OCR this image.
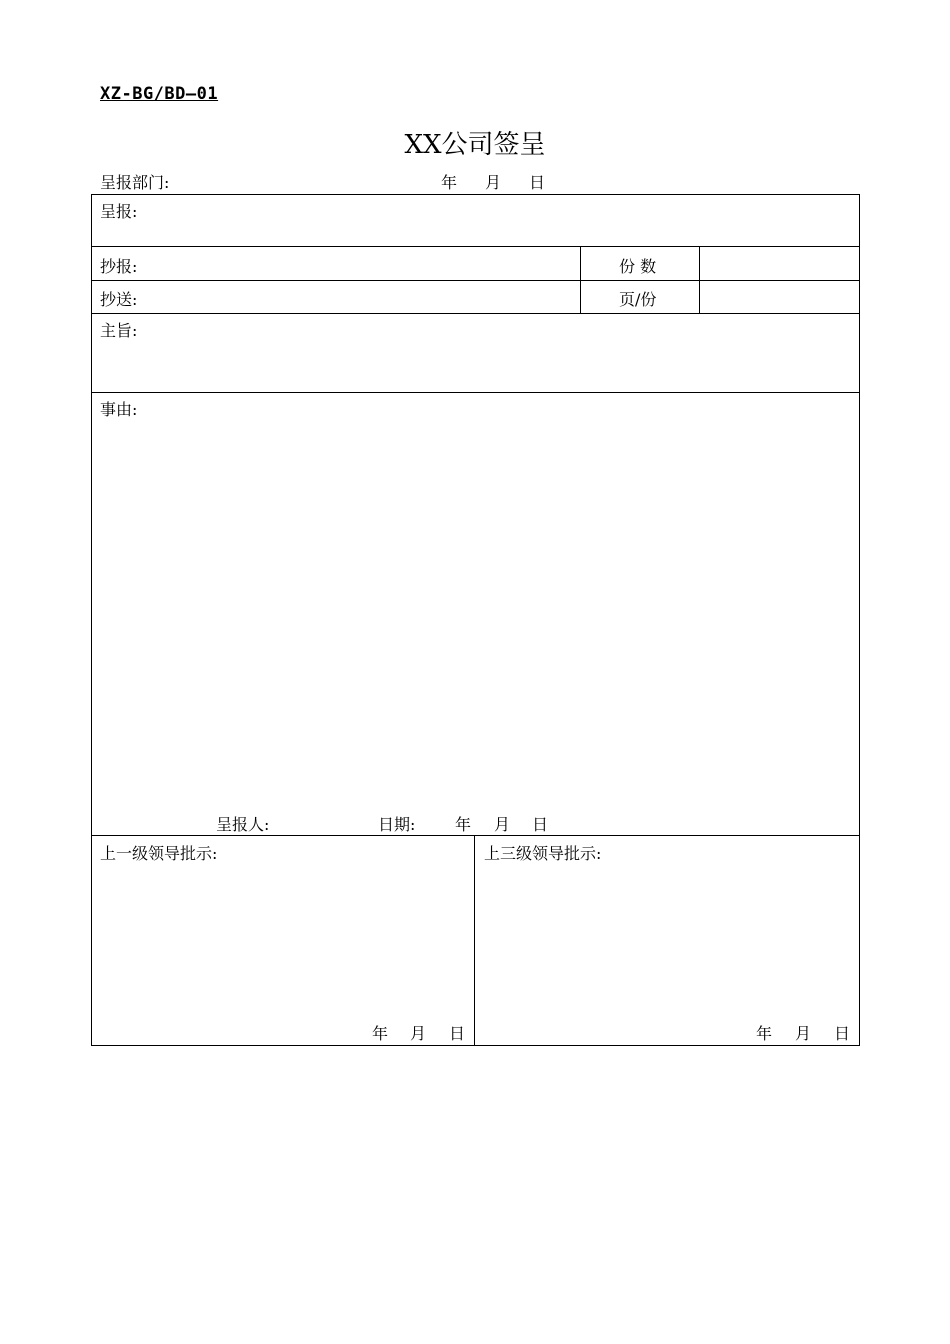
XZ-BG/BD—01
XX公司签呈
呈报部门:	年 月 日
呈报:
抄报:	份 数
抄送:	页/份
主旨:
事由:
呈报人:	日期: 年 月 日
上一级领导批示:	上三级领导批示:
年 月 日	年 月 日
